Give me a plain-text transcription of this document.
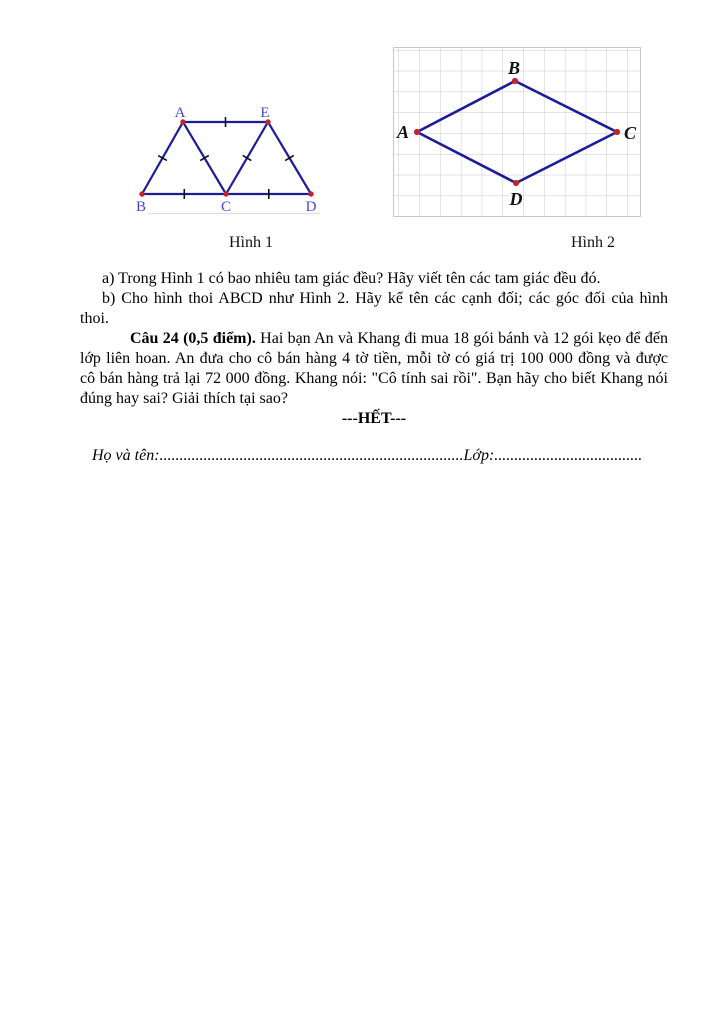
A	E
B	C	D
A
B
C
D
Hình 1	Hình 2
a) Trong Hình 1 có bao nhiêu tam giác đều? Hãy viết tên các tam giác đều đó.
b) Cho hình thoi ABCD như Hình 2. Hãy kể tên các cạnh đối; các góc đối của hình
thoi.
Câu 24 (0,5 điểm). Hai bạn An và Khang đi mua 18 gói bánh và 12 gói kẹo để đến
lớp liên hoan. An đưa cho cô bán hàng 4 tờ tiền, mỗi tờ có giá trị 100 000 đồng và được
cô bán hàng trả lại 72 000 đồng. Khang nói: "Cô tính sai rồi". Bạn hãy cho biết Khang nói
đúng hay sai? Giải thích tại sao?
---HẾT---
Họ và tên:............................................................................Lớp:.....................................
